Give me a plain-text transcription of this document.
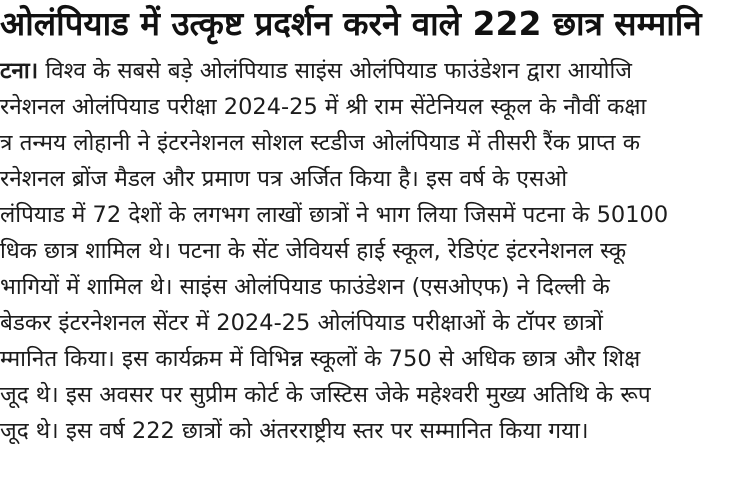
ओलंपियाड में उत्कृष्ट प्रदर्शन करने वाले 222 छात्र सम्मानि
टना। विश्व के सबसे बड़े ओलंपियाड साइंस ओलंपियाड फाउंडेशन द्वारा आयोजि
रनेशनल ओलंपियाड परीक्षा 2024-25 में श्री राम सेंटेनियल स्कूल के नौवीं कक्षा
त्र तन्मय लोहानी ने इंटरनेशनल सोशल स्टडीज ओलंपियाड में तीसरी रैंक प्राप्त क
रनेशनल ब्रोंज मैडल और प्रमाण पत्र अर्जित किया है। इस वर्ष के एसओ
लंपियाड में 72 देशों के लगभग लाखों छात्रों ने भाग लिया जिसमें पटना के 50100
धिक छात्र शामिल थे। पटना के सेंट जेवियर्स हाई स्कूल, रेडिएंट इंटरनेशनल स्कू
भागियों में शामिल थे। साइंस ओलंपियाड फाउंडेशन (एसओएफ) ने दिल्ली के
बेडकर इंटरनेशनल सेंटर में 2024-25 ओलंपियाड परीक्षाओं के टॉपर छात्रों
म्मानित किया। इस कार्यक्रम में विभिन्न स्कूलों के 750 से अधिक छात्र और शिक्ष
जूद थे। इस अवसर पर सुप्रीम कोर्ट के जस्टिस जेके महेश्वरी मुख्य अतिथि के रूप
जूद थे। इस वर्ष 222 छात्रों को अंतरराष्ट्रीय स्तर पर सम्मानित किया गया।
